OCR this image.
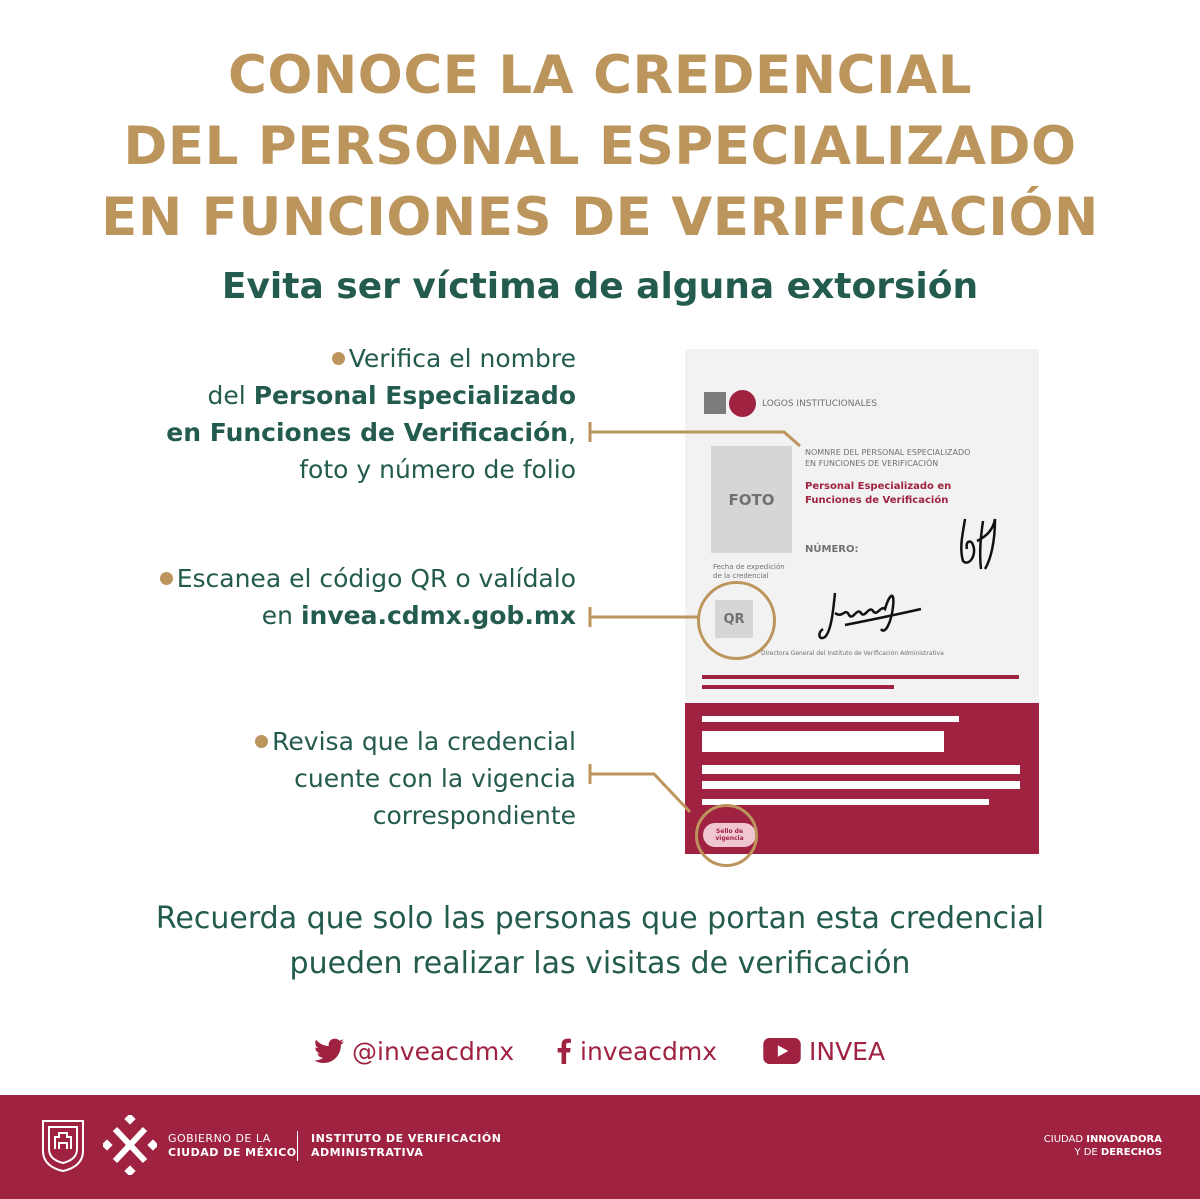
CONOCE LA CREDENCIAL
DEL PERSONAL ESPECIALIZADO
EN FUNCIONES DE VERIFICACIÓN
Evita ser víctima de alguna extorsión
Verifica el nombre
del Personal Especializado
en Funciones de Verificación,
foto y número de folio
Escanea el código QR o valídalo
en invea.cdmx.gob.mx
Revisa que la credencial
cuente con la vigencia
correspondiente
LOGOS INSTITUCIONALES
NOMNRE DEL PERSONAL ESPECIALIZADO
EN FUNCIONES DE VERIFICACIÓN
Personal Especializado en
Funciones de Verificación
FOTO
NÚMERO:
Fecha de expedición
de la credencial
QR
Directora General del Instituto de Verificación Administrativa
Sello de
vigencia
Recuerda que solo las personas que portan esta credencial
pueden realizar las visitas de verificación
@inveacdmx	inveacdmx	INVEA
GOBIERNO DE LA
CIUDAD DE MÉXICO
INSTITUTO DE VERIFICACIÓN
ADMINISTRATIVA
CIUDAD INNOVADORA
Y DE DERECHOS
